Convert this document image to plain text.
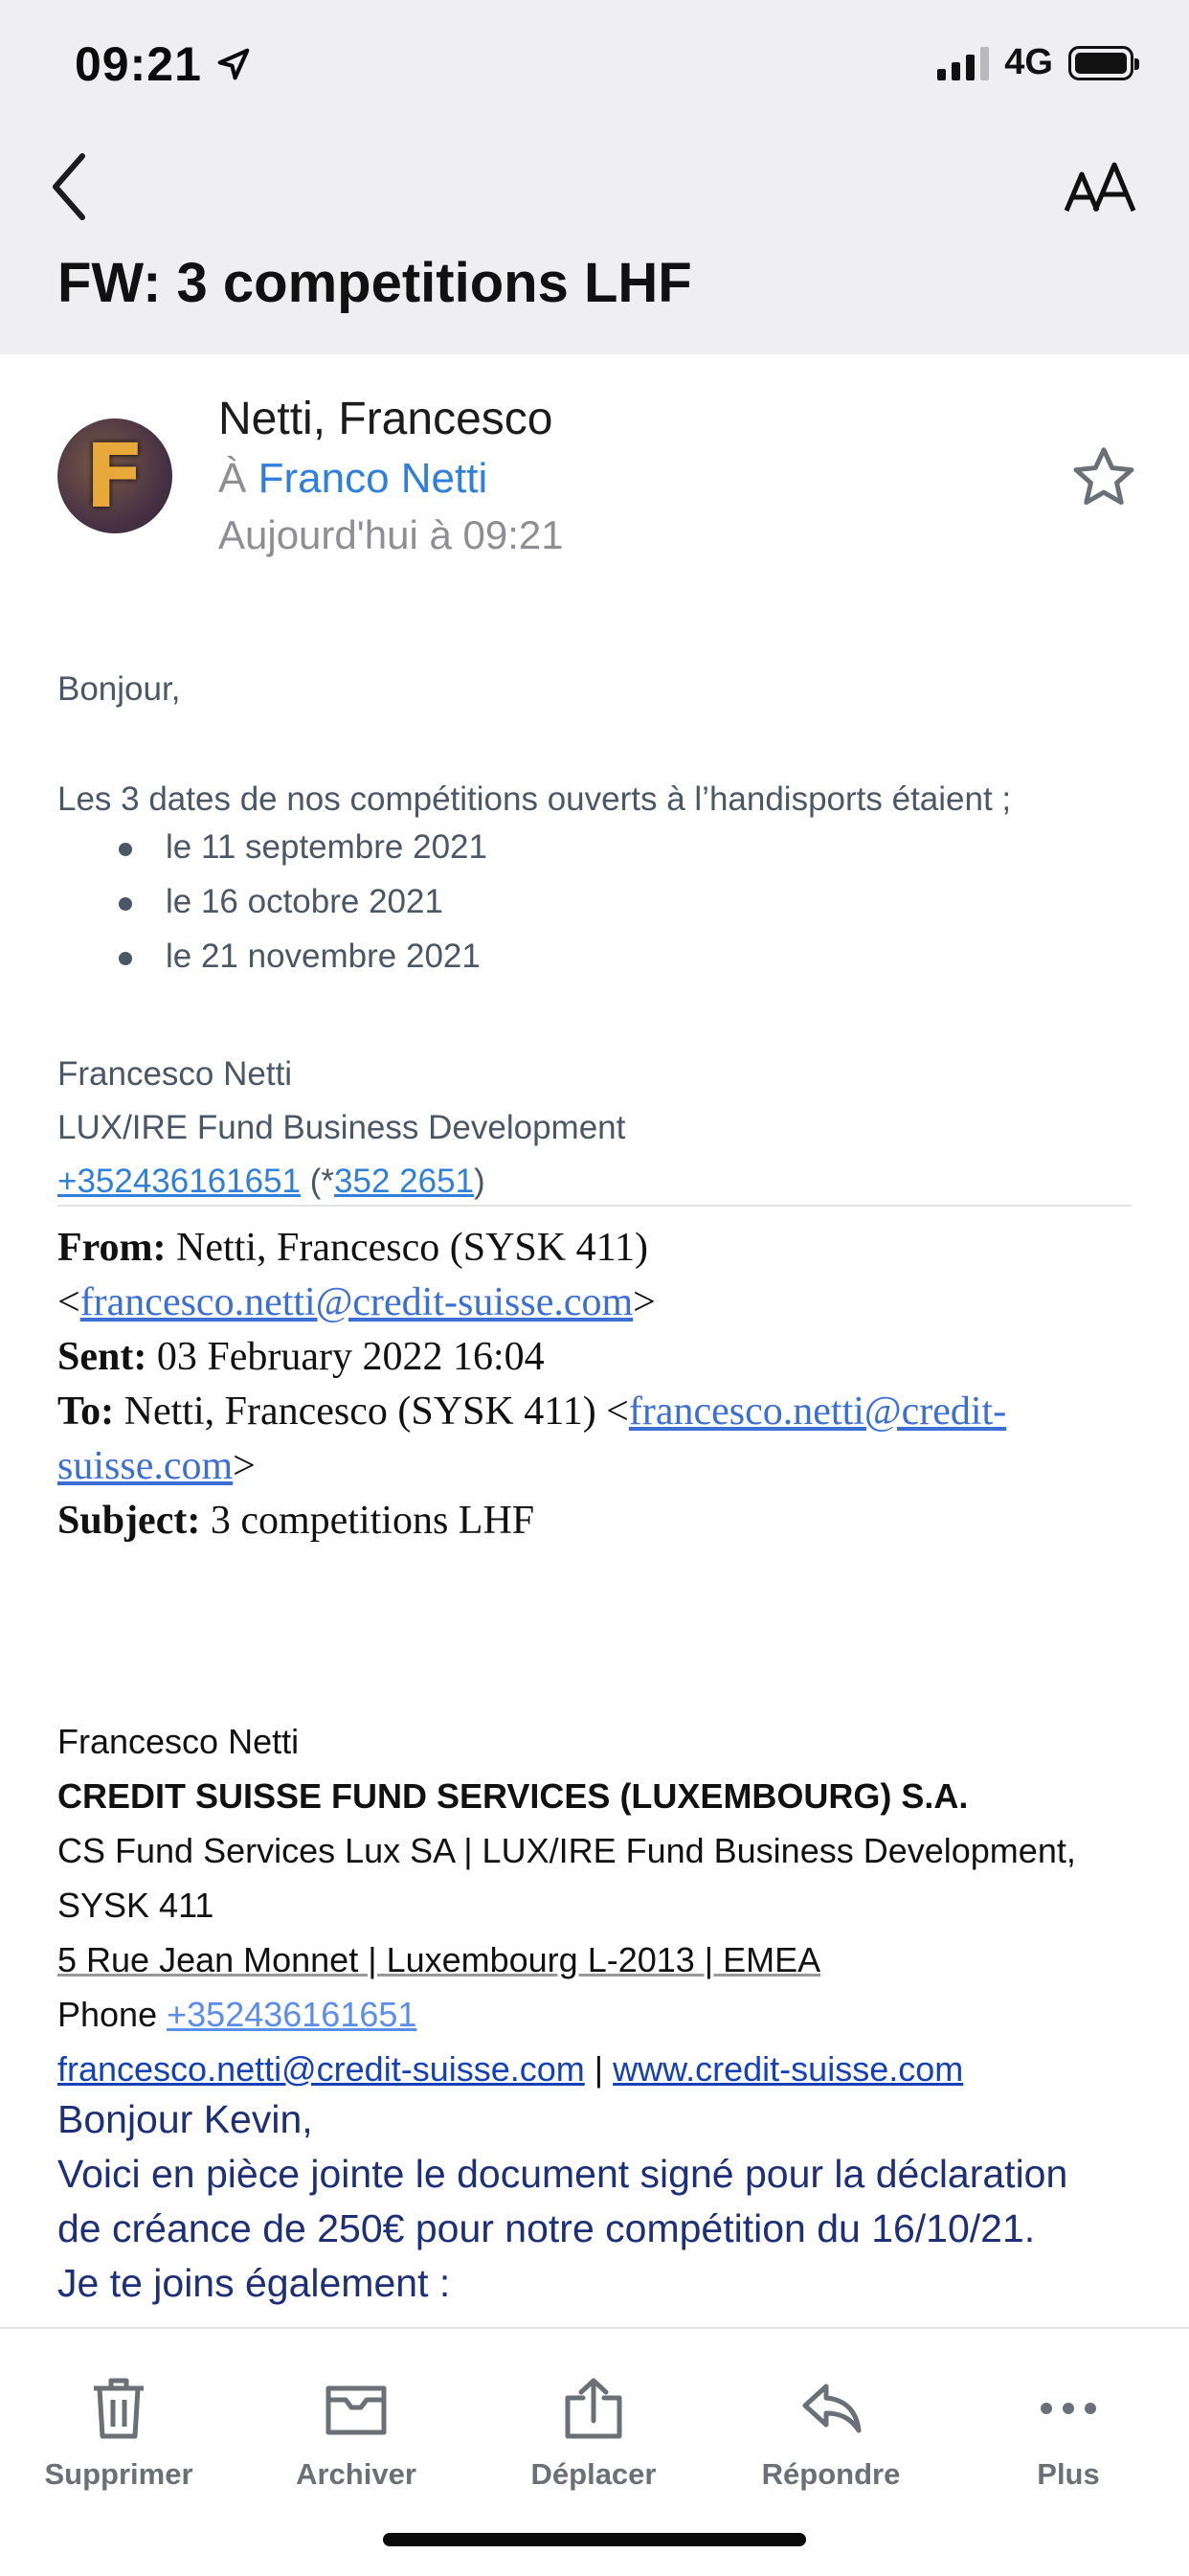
09:21	4G
FW: 3 competitions LHF
F
Netti, Francesco
À Franco Netti
Aujourd'hui à 09:21
Bonjour,
Les 3 dates de nos compétitions ouverts à l’handisports étaient ;
le 11 septembre 2021
le 16 octobre 2021
le 21 novembre 2021
Francesco Netti
LUX/IRE Fund Business Development
+352436161651 (*352 2651)
From: Netti, Francesco (SYSK 411)
<francesco.netti@credit-suisse.com>
Sent: 03 February 2022 16:04
To: Netti, Francesco (SYSK 411) <francesco.netti@credit-
suisse.com>
Subject: 3 competitions LHF
Francesco Netti
CREDIT SUISSE FUND SERVICES (LUXEMBOURG) S.A.
CS Fund Services Lux SA | LUX/IRE Fund Business Development,
SYSK 411
5 Rue Jean Monnet | Luxembourg L-2013 | EMEA
Phone +352436161651
francesco.netti@credit-suisse.com | www.credit-suisse.com
Bonjour Kevin,
Voici en pièce jointe le document signé pour la déclaration
de créance de 250€ pour notre compétition du 16/10/21.
Je te joins également :
Supprimer	Archiver	Déplacer	Répondre	Plus
